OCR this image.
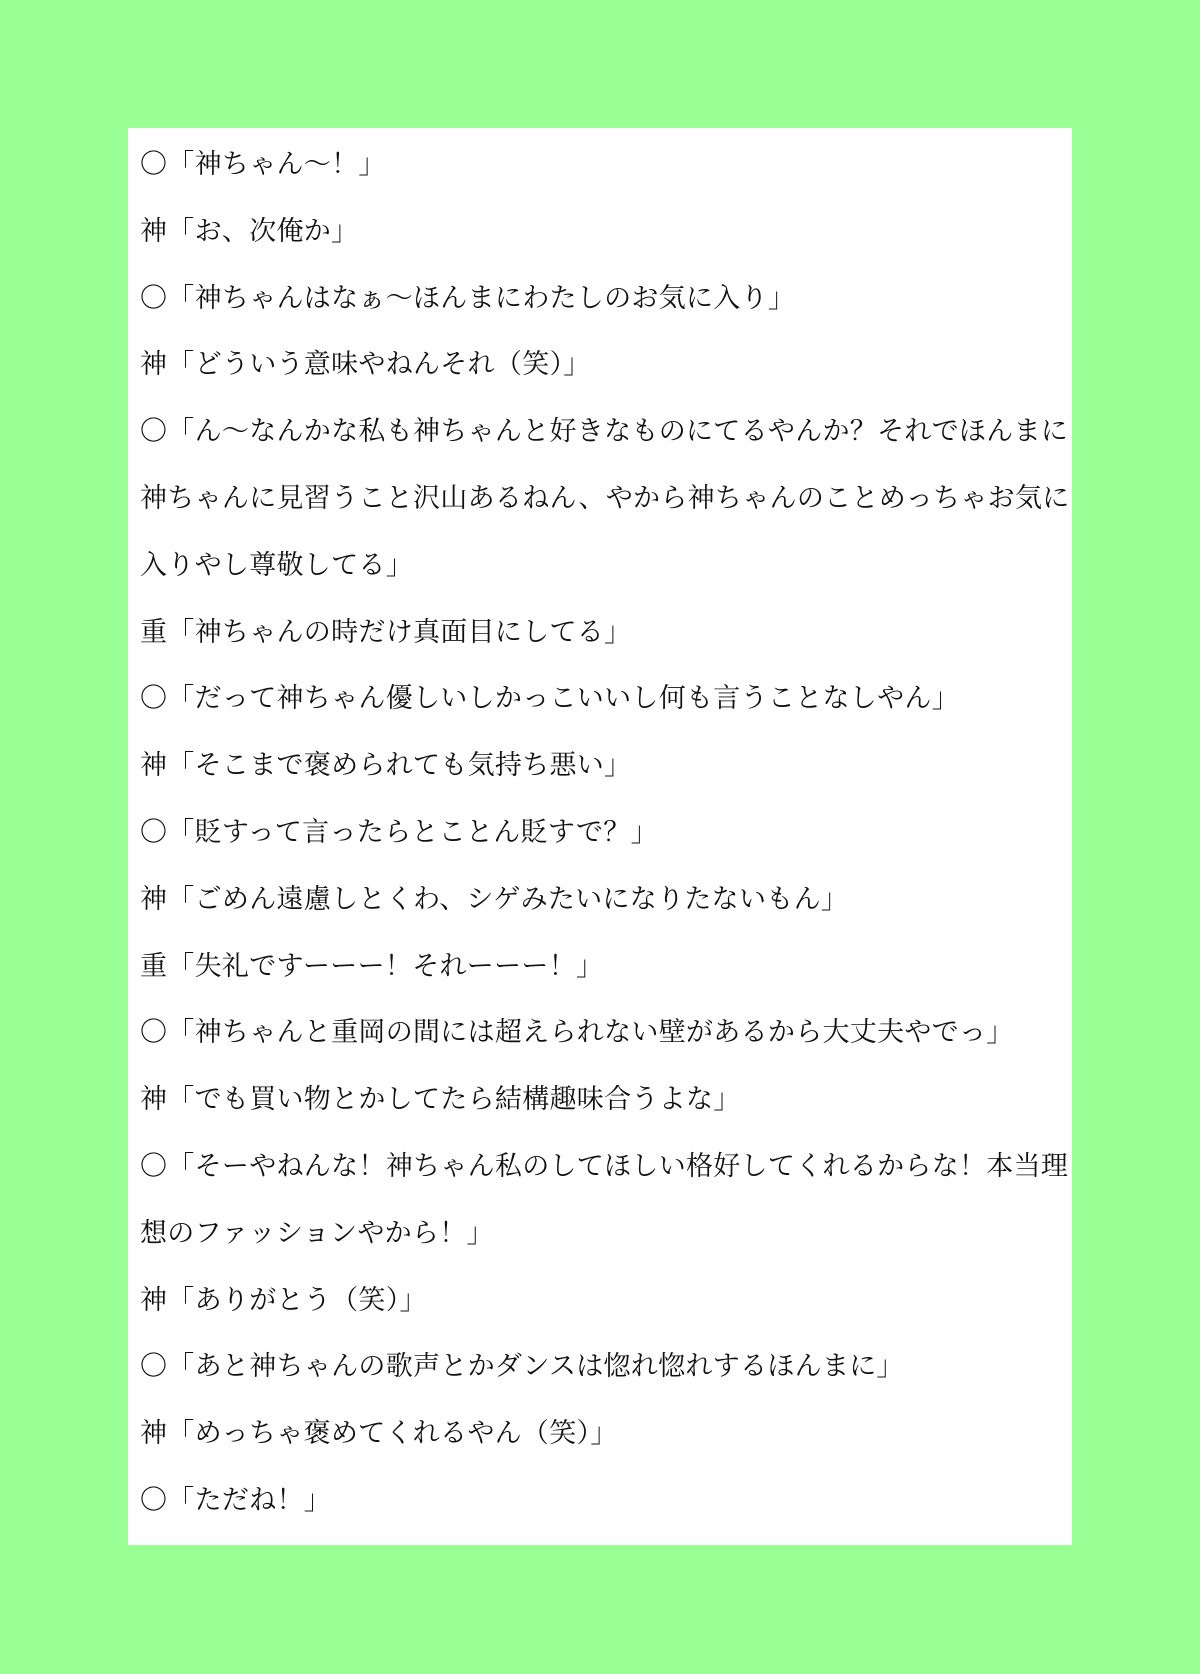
〇「神ちゃん〜！」
神「お、次俺か」
〇「神ちゃんはなぁ〜ほんまにわたしのお気に入り」
神「どういう意味やねんそれ（笑）」
〇「ん〜なんかな私も神ちゃんと好きなものにてるやんか？それでほんまに
神ちゃんに見習うこと沢山あるねん、やから神ちゃんのことめっちゃお気に
入りやし尊敬してる」
重「神ちゃんの時だけ真面目にしてる」
〇「だって神ちゃん優しいしかっこいいし何も言うことなしやん」
神「そこまで褒められても気持ち悪い」
〇「貶すって言ったらとことん貶すで？」
神「ごめん遠慮しとくわ、シゲみたいになりたないもん」
重「失礼ですーーー！それーーー！」
〇「神ちゃんと重岡の間には超えられない壁があるから大丈夫やでっ」
神「でも買い物とかしてたら結構趣味合うよな」
〇「そーやねんな！神ちゃん私のしてほしい格好してくれるからな！本当理
想のファッションやから！」
神「ありがとう（笑）」
〇「あと神ちゃんの歌声とかダンスは惚れ惚れするほんまに」
神「めっちゃ褒めてくれるやん（笑）」
〇「ただね！」
